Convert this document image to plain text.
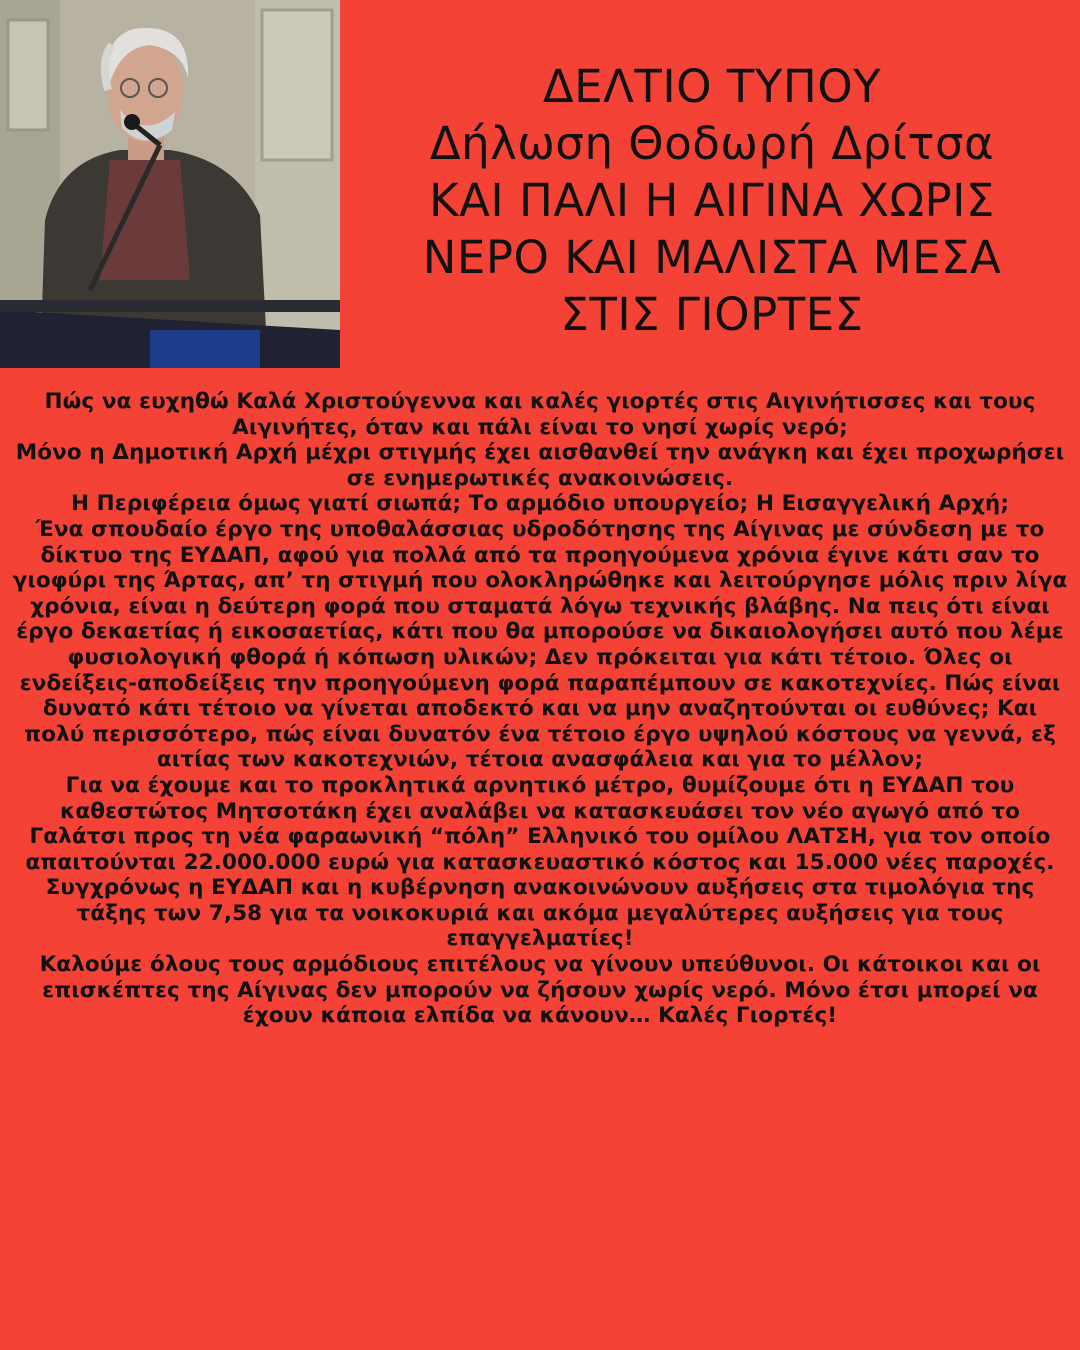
ΔΕΛΤΙΟ ΤΥΠΟΥ
Δήλωση Θοδωρή Δρίτσα
ΚΑΙ ΠΑΛΙ Η ΑΙΓΙΝΑ ΧΩΡΙΣ
ΝΕΡΟ ΚΑΙ ΜΑΛΙΣΤΑ ΜΕΣΑ
ΣΤΙΣ ΓΙΟΡΤΕΣ

Πώς να ευχηθώ Καλά Χριστούγεννα και καλές γιορτές στις Αιγινήτισσες και τους Αιγινήτες, όταν και πάλι είναι το νησί χωρίς νερό;

Μόνο η Δημοτική Αρχή μέχρι στιγμής έχει αισθανθεί την ανάγκη και έχει προχωρήσει σε ενημερωτικές ανακοινώσεις.

Η Περιφέρεια όμως γιατί σιωπά; Το αρμόδιο υπουργείο; Η Εισαγγελική Αρχή;

Ένα σπουδαίο έργο της υποθαλάσσιας υδροδότησης της Αίγινας με σύνδεση με το δίκτυο της ΕΥΔΑΠ, αφού για πολλά από τα προηγούμενα χρόνια έγινε κάτι σαν το γιοφύρι της Άρτας, απ’ τη στιγμή που ολοκληρώθηκε και λειτούργησε μόλις πριν λίγα χρόνια, είναι η δεύτερη φορά που σταματά λόγω τεχνικής βλάβης. Να πεις ότι είναι έργο δεκαετίας ή εικοσαετίας, κάτι που θα μπορούσε να δικαιολογήσει αυτό που λέμε φυσιολογική φθορά ή κόπωση υλικών; Δεν πρόκειται για κάτι τέτοιο. Όλες οι ενδείξεις-αποδείξεις την προηγούμενη φορά παραπέμπουν σε κακοτεχνίες. Πώς είναι δυνατό κάτι τέτοιο να γίνεται αποδεκτό και να μην αναζητούνται οι ευθύνες; Και πολύ περισσότερο, πώς είναι δυνατόν ένα τέτοιο έργο υψηλού κόστους να γεννά, εξ αιτίας των κακοτεχνιών, τέτοια ανασφάλεια και για το μέλλον;

Για να έχουμε και το προκλητικά αρνητικό μέτρο, θυμίζουμε ότι η ΕΥΔΑΠ του καθεστώτος Μητσοτάκη έχει αναλάβει να κατασκευάσει τον νέο αγωγό από το Γαλάτσι προς τη νέα φαραωνική “πόλη” Ελληνικό του ομίλου ΛΑΤΣΗ, για τον οποίο απαιτούνται 22.000.000 ευρώ για κατασκευαστικό κόστος και 15.000 νέες παροχές.

Συγχρόνως η ΕΥΔΑΠ και η κυβέρνηση ανακοινώνουν αυξήσεις στα τιμολόγια της τάξης των 7,58 για τα νοικοκυριά και ακόμα μεγαλύτερες αυξήσεις για τους επαγγελματίες!

Καλούμε όλους τους αρμόδιους επιτέλους να γίνουν υπεύθυνοι. Οι κάτοικοι και οι επισκέπτες της Αίγινας δεν μπορούν να ζήσουν χωρίς νερό. Μόνο έτσι μπορεί να έχουν κάποια ελπίδα να κάνουν… Καλές Γιορτές!
